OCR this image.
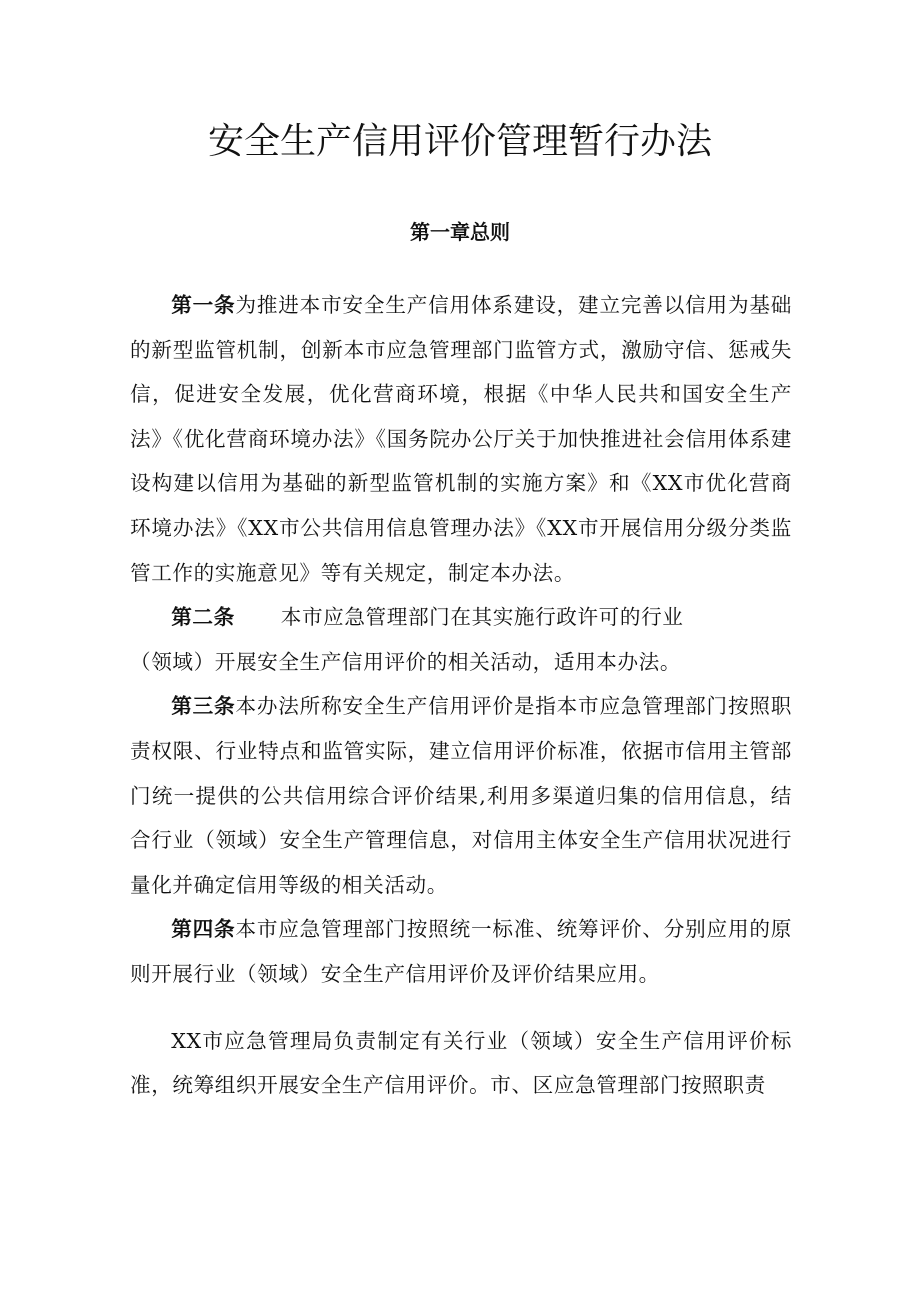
安全生产信用评价管理暂行办法
第一章总则

第一条为推进本市安全生产信用体系建设，建立完善以信用为基础的新型监管机制，创新本市应急管理部门监管方式，激励守信、惩戒失信，促进安全发展，优化营商环境，根据《中华人民共和国安全生产法》《优化营商环境办法》《国务院办公厅关于加快推进社会信用体系建设构建以信用为基础的新型监管机制的实施方案》和《XX市优化营商环境办法》《XX市公共信用信息管理办法》《XX市开展信用分级分类监管工作的实施意见》等有关规定，制定本办法。

第二条 本市应急管理部门在其实施行政许可的行业

（领域）开展安全生产信用评价的相关活动，适用本办法。

第三条本办法所称安全生产信用评价是指本市应急管理部门按照职责权限、行业特点和监管实际，建立信用评价标准，依据市信用主管部门统一提供的公共信用综合评价结果,利用多渠道归集的信用信息，结合行业（领域）安全生产管理信息，对信用主体安全生产信用状况进行量化并确定信用等级的相关活动。

第四条本市应急管理部门按照统一标准、统筹评价、分别应用的原则开展行业（领域）安全生产信用评价及评价结果应用。

XX市应急管理局负责制定有关行业（领域）安全生产信用评价标准，统筹组织开展安全生产信用评价。市、区应急管理部门按照职责
